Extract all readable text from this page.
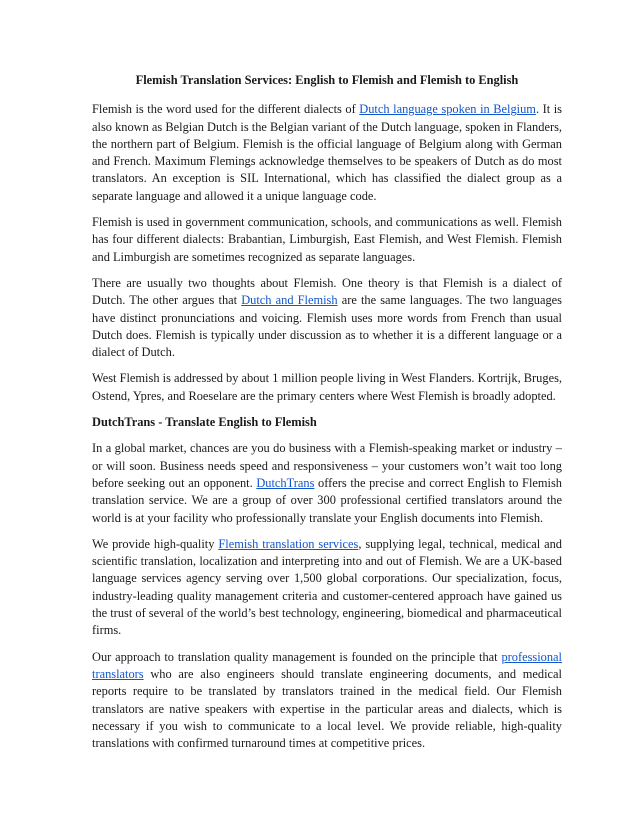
Flemish Translation Services: English to Flemish and Flemish to English

Flemish is the word used for the different dialects of Dutch language spoken in Belgium. It is also known as Belgian Dutch is the Belgian variant of the Dutch language, spoken in Flanders, the northern part of Belgium. Flemish is the official language of Belgium along with German and French. Maximum Flemings acknowledge themselves to be speakers of Dutch as do most translators. An exception is SIL International, which has classified the dialect group as a separate language and allowed it a unique language code.

Flemish is used in government communication, schools, and communications as well. Flemish has four different dialects: Brabantian, Limburgish, East Flemish, and West Flemish. Flemish and Limburgish are sometimes recognized as separate languages.

There are usually two thoughts about Flemish. One theory is that Flemish is a dialect of Dutch. The other argues that Dutch and Flemish are the same languages. The two languages have distinct pronunciations and voicing. Flemish uses more words from French than usual Dutch does. Flemish is typically under discussion as to whether it is a different language or a dialect of Dutch.

West Flemish is addressed by about 1 million people living in West Flanders. Kortrijk, Bruges, Ostend, Ypres, and Roeselare are the primary centers where West Flemish is broadly adopted.

DutchTrans - Translate English to Flemish

In a global market, chances are you do business with a Flemish-speaking market or industry – or will soon. Business needs speed and responsiveness – your customers won’t wait too long before seeking out an opponent. DutchTrans offers the precise and correct English to Flemish translation service. We are a group of over 300 professional certified translators around the world is at your facility who professionally translate your English documents into Flemish.

We provide high-quality Flemish translation services, supplying legal, technical, medical and scientific translation, localization and interpreting into and out of Flemish. We are a UK-based language services agency serving over 1,500 global corporations. Our specialization, focus, industry-leading quality management criteria and customer-centered approach have gained us the trust of several of the world’s best technology, engineering, biomedical and pharmaceutical firms.

Our approach to translation quality management is founded on the principle that professional translators who are also engineers should translate engineering documents, and medical reports require to be translated by translators trained in the medical field. Our Flemish translators are native speakers with expertise in the particular areas and dialects, which is necessary if you wish to communicate to a local level. We provide reliable, high-quality translations with confirmed turnaround times at competitive prices.
